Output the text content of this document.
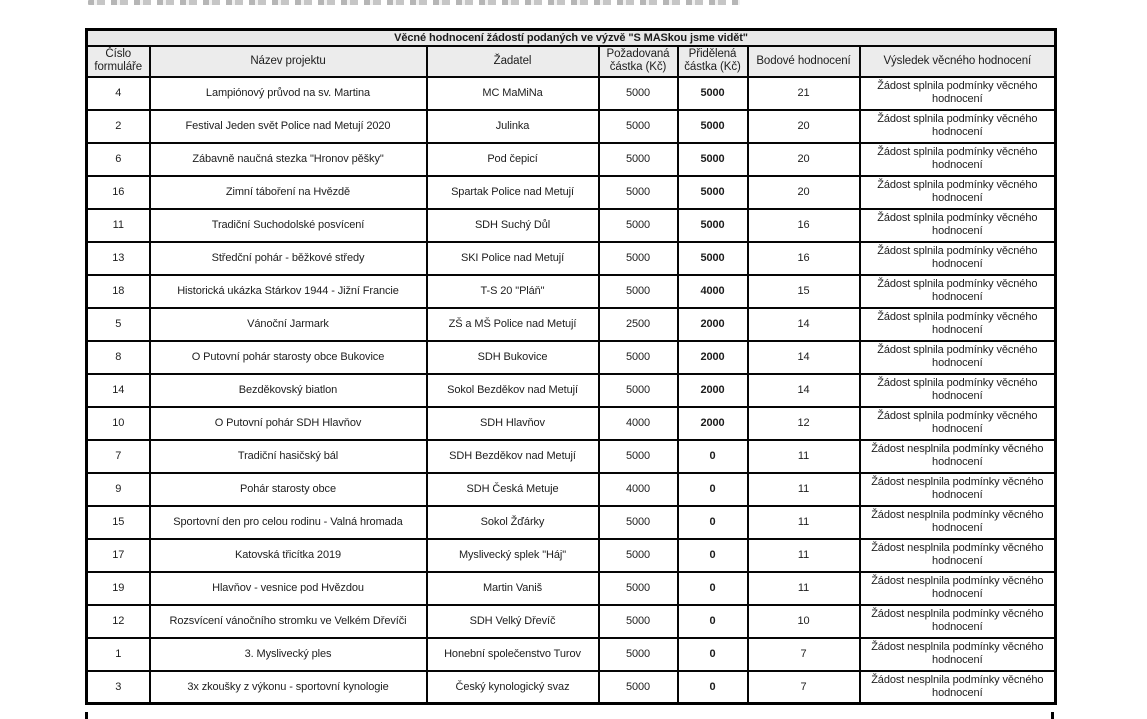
Věcné hodnocení žádostí podaných ve výzvě "S MASkou jsme vidět"						
Číslo formuláře	Název projektu	Žadatel	Požadovaná částka (Kč)	Přidělená částka (Kč)	Bodové hodnocení	Výsledek věcného hodnocení
4	Lampiónový průvod na sv. Martina	MC MaMiNa	5000	5000	21	Žádost splnila podmínky věcného hodnocení
2	Festival Jeden svět Police nad Metují 2020	Julinka	5000	5000	20	Žádost splnila podmínky věcného hodnocení
6	Zábavně naučná stezka "Hronov pěšky"	Pod čepicí	5000	5000	20	Žádost splnila podmínky věcného hodnocení
16	Zimní táboření na Hvězdě	Spartak Police nad Metují	5000	5000	20	Žádost splnila podmínky věcného hodnocení
11	Tradiční Suchodolské posvícení	SDH Suchý Důl	5000	5000	16	Žádost splnila podmínky věcného hodnocení
13	Středční pohár - běžkové středy	SKI Police nad Metují	5000	5000	16	Žádost splnila podmínky věcného hodnocení
18	Historická ukázka Stárkov 1944 - Jižní Francie	T-S 20 "Pláň"	5000	4000	15	Žádost splnila podmínky věcného hodnocení
5	Vánoční Jarmark	ZŠ a MŠ Police nad Metují	2500	2000	14	Žádost splnila podmínky věcného hodnocení
8	O Putovní pohár starosty obce Bukovice	SDH Bukovice	5000	2000	14	Žádost splnila podmínky věcného hodnocení
14	Bezděkovský biatlon	Sokol Bezděkov nad Metují	5000	2000	14	Žádost splnila podmínky věcného hodnocení
10	O Putovní pohár SDH Hlavňov	SDH Hlavňov	4000	2000	12	Žádost splnila podmínky věcného hodnocení
7	Tradiční hasičský bál	SDH Bezděkov nad Metují	5000	0	11	Žádost nesplnila podmínky věcného hodnocení
9	Pohár starosty obce	SDH Česká Metuje	4000	0	11	Žádost nesplnila podmínky věcného hodnocení
15	Sportovní den pro celou rodinu - Valná hromada	Sokol Žďárky	5000	0	11	Žádost nesplnila podmínky věcného hodnocení
17	Katovská třicítka 2019	Myslivecký splek "Háj"	5000	0	11	Žádost nesplnila podmínky věcného hodnocení
19	Hlavňov - vesnice pod Hvězdou	Martin Vaniš	5000	0	11	Žádost nesplnila podmínky věcného hodnocení
12	Rozsvícení vánočního stromku ve Velkém Dřevíči	SDH Velký Dřevíč	5000	0	10	Žádost nesplnila podmínky věcného hodnocení
1	3. Myslivecký ples	Honební společenstvo Turov	5000	0	7	Žádost nesplnila podmínky věcného hodnocení
3	3x zkoušky z výkonu - sportovní kynologie	Český kynologický svaz	5000	0	7	Žádost nesplnila podmínky věcného hodnocení
